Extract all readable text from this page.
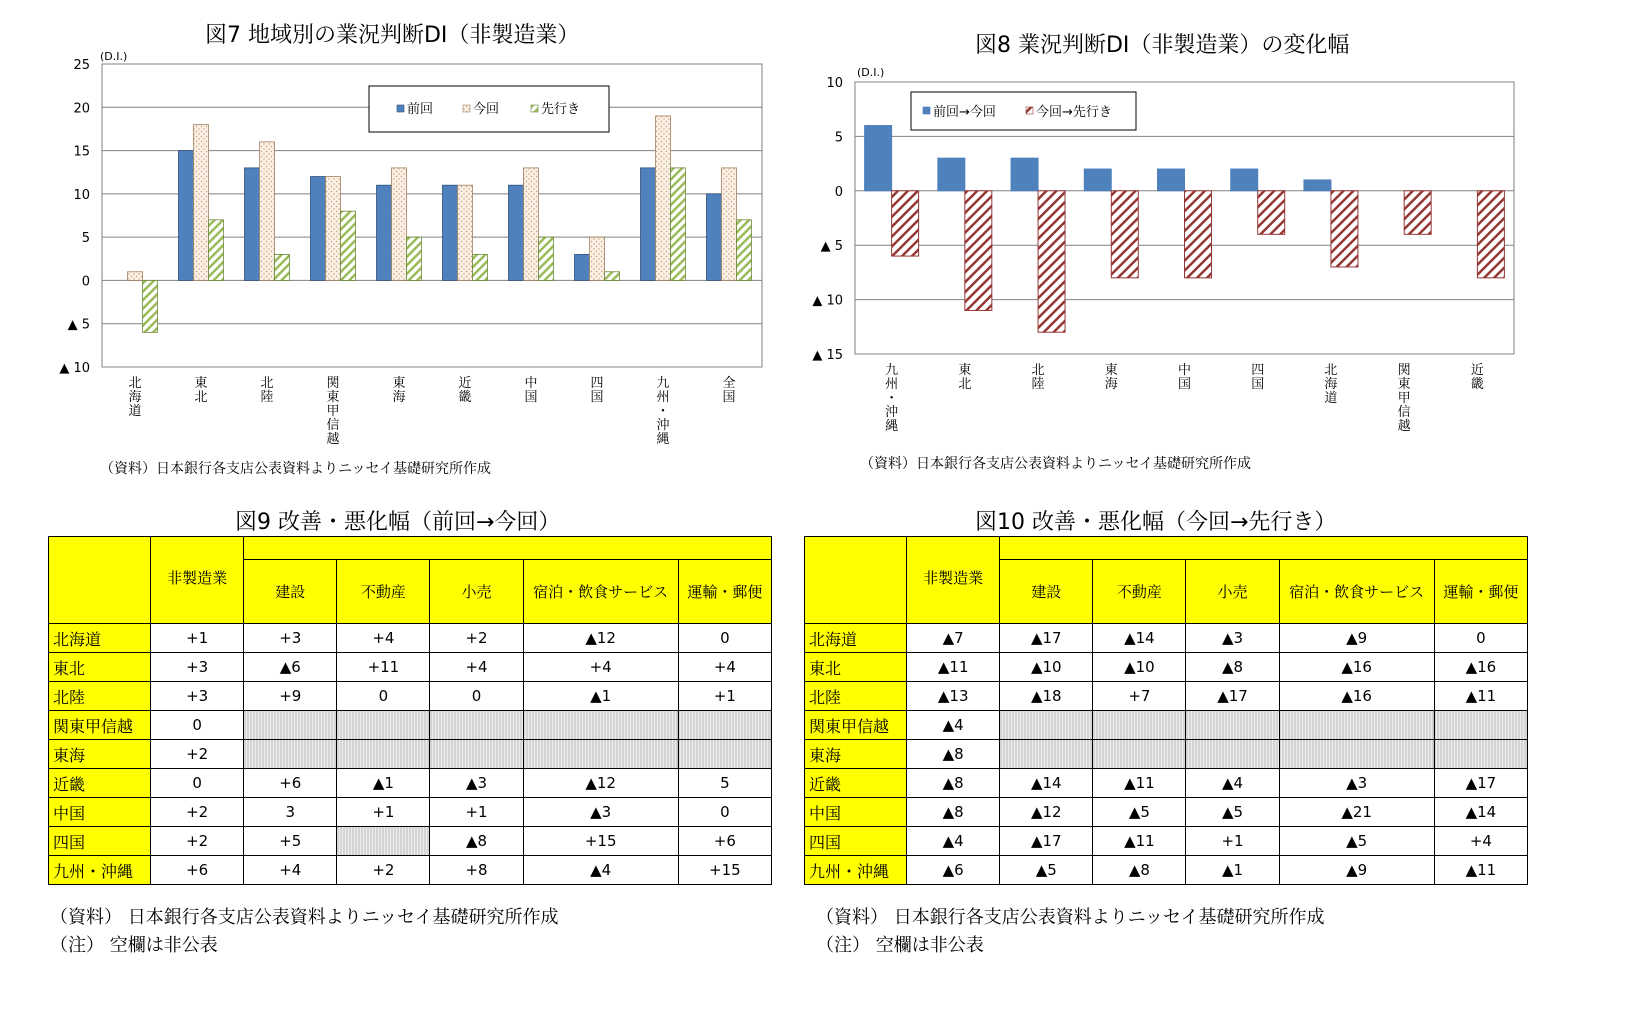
図7 地域別の業況判断DI（非製造業）
25
20
15
10
5
0
▲ 5
▲ 10
(D.I.)
北海道
東北
北陸
関東甲信越
東海
近畿
中国
四国
九州・沖縄
全国
前回	今回	先行き
（資料）日本銀行各支店公表資料よりニッセイ基礎研究所作成
図8 業況判断DI（非製造業）の変化幅
10
5
0
▲ 5
▲ 10
▲ 15
(D.I.)
九州・沖縄
東北
北陸
東海
中国
四国
北海道
関東甲信越
近畿
前回→今回	今回→先行き
（資料）日本銀行各支店公表資料よりニッセイ基礎研究所作成
図9 改善・悪化幅（前回→今回）
	非製造業					
		建設	不動産	小売	宿泊・飲食サービス	運輸・郵便
北海道	+1	+3	+4	+2	▲12	0
東北	+3	▲6	+11	+4	+4	+4
北陸	+3	+9	0	0	▲1	+1
関東甲信越	0					
東海	+2					
近畿	0	+6	▲1	▲3	▲12	5
中国	+2	3	+1	+1	▲3	0
四国	+2	+5		▲8	+15	+6
九州・沖縄	+6	+4	+2	+8	▲4	+15
（資料） 日本銀行各支店公表資料よりニッセイ基礎研究所作成
（注） 空欄は非公表
図10 改善・悪化幅（今回→先行き）
	非製造業					
		建設	不動産	小売	宿泊・飲食サービス	運輸・郵便
北海道	▲7	▲17	▲14	▲3	▲9	0
東北	▲11	▲10	▲10	▲8	▲16	▲16
北陸	▲13	▲18	+7	▲17	▲16	▲11
関東甲信越	▲4					
東海	▲8					
近畿	▲8	▲14	▲11	▲4	▲3	▲17
中国	▲8	▲12	▲5	▲5	▲21	▲14
四国	▲4	▲17	▲11	+1	▲5	+4
九州・沖縄	▲6	▲5	▲8	▲1	▲9	▲11
（資料） 日本銀行各支店公表資料よりニッセイ基礎研究所作成
（注） 空欄は非公表
